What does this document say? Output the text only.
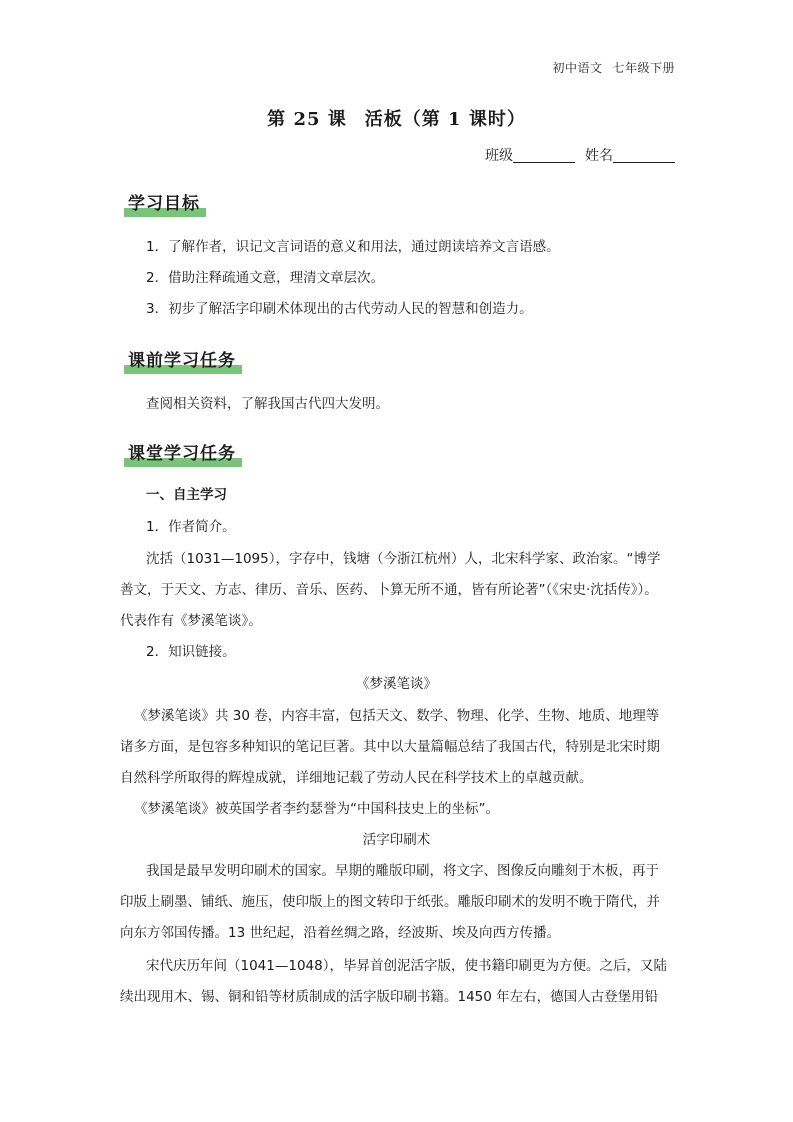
初中语文 七年级下册
第 25 课 活板（第 1 课时）
班级	姓名
学习目标
1．了解作者，识记文言词语的意义和用法，通过朗读培养文言语感。
2．借助注释疏通文意，理清文章层次。
3．初步了解活字印刷术体现出的古代劳动人民的智慧和创造力。
课前学习任务
查阅相关资料，了解我国古代四大发明。
课堂学习任务
一、自主学习
1．作者简介。
沈括（1031—1095），字存中，钱塘（今浙江杭州）人，北宋科学家、政治家。“博学
善文，于天文、方志、律历、音乐、医药、卜算无所不通，皆有所论著”（《宋史·沈括传》）。
代表作有《梦溪笔谈》。
2．知识链接。
《梦溪笔谈》
《梦溪笔谈》共 30 卷，内容丰富，包括天文、数学、物理、化学、生物、地质、地理等
诸多方面，是包容多种知识的笔记巨著。其中以大量篇幅总结了我国古代，特别是北宋时期
自然科学所取得的辉煌成就，详细地记载了劳动人民在科学技术上的卓越贡献。
《梦溪笔谈》被英国学者李约瑟誉为“中国科技史上的坐标”。
活字印刷术
我国是最早发明印刷术的国家。早期的雕版印刷，将文字、图像反向雕刻于木板，再于
印版上刷墨、铺纸、施压，使印版上的图文转印于纸张。雕版印刷术的发明不晚于隋代，并
向东方邻国传播。13 世纪起，沿着丝绸之路，经波斯、埃及向西方传播。
宋代庆历年间（1041—1048），毕昇首创泥活字版，使书籍印刷更为方便。之后，又陆
续出现用木、锡、铜和铅等材质制成的活字版印刷书籍。1450 年左右，德国人古登堡用铅
